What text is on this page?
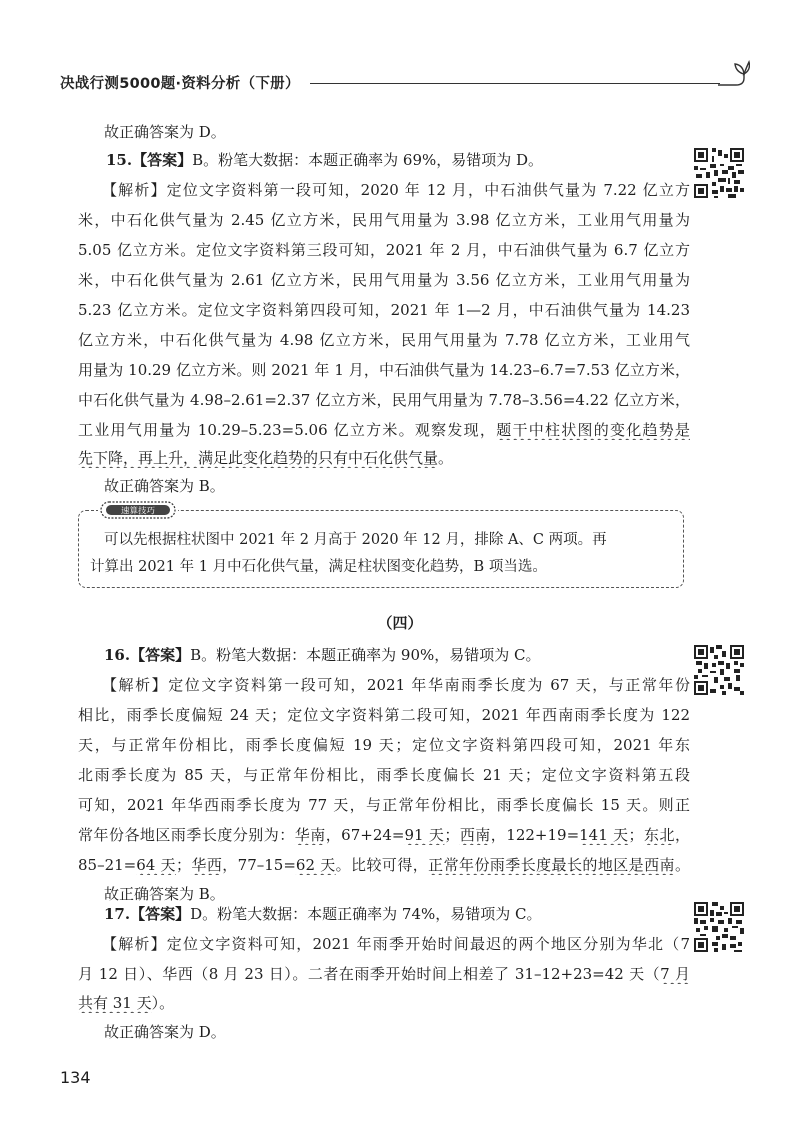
决战行测5000题·资料分析（下册）
故正确答案为 D。
15.【答案】B。粉笔大数据：本题正确率为 69%，易错项为 D。
【解析】定位文字资料第一段可知，2020 年 12 月，中石油供气量为 7.22 亿立方
米，中石化供气量为 2.45 亿立方米，民用气用量为 3.98 亿立方米，工业用气用量为
5.05 亿立方米。定位文字资料第三段可知，2021 年 2 月，中石油供气量为 6.7 亿立方
米，中石化供气量为 2.61 亿立方米，民用气用量为 3.56 亿立方米，工业用气用量为
5.23 亿立方米。定位文字资料第四段可知，2021 年 1—2 月，中石油供气量为 14.23
亿立方米，中石化供气量为 4.98 亿立方米，民用气用量为 7.78 亿立方米，工业用气
用量为 10.29 亿立方米。则 2021 年 1 月，中石油供气量为 14.23–6.7=7.53 亿立方米，
中石化供气量为 4.98–2.61=2.37 亿立方米，民用气用量为 7.78–3.56=4.22 亿立方米，
工业用气用量为 10.29–5.23=5.06 亿立方米。观察发现，题干中柱状图的变化趋势是
先下降，再上升，满足此变化趋势的只有中石化供气量。
故正确答案为 B。
速算技巧
可以先根据柱状图中 2021 年 2 月高于 2020 年 12 月，排除 A、C 两项。再
计算出 2021 年 1 月中石化供气量，满足柱状图变化趋势，B 项当选。
（四）
16.【答案】B。粉笔大数据：本题正确率为 90%，易错项为 C。
【解析】定位文字资料第一段可知，2021 年华南雨季长度为 67 天，与正常年份
相比，雨季长度偏短 24 天；定位文字资料第二段可知，2021 年西南雨季长度为 122
天，与正常年份相比，雨季长度偏短 19 天；定位文字资料第四段可知，2021 年东
北雨季长度为 85 天，与正常年份相比，雨季长度偏长 21 天；定位文字资料第五段
可知，2021 年华西雨季长度为 77 天，与正常年份相比，雨季长度偏长 15 天。则正
常年份各地区雨季长度分别为：华南，67+24=91 天；西南，122+19=141 天；东北，
85–21=64 天；华西，77–15=62 天。比较可得，正常年份雨季长度最长的地区是西南。
故正确答案为 B。
17.【答案】D。粉笔大数据：本题正确率为 74%，易错项为 C。
【解析】定位文字资料可知，2021 年雨季开始时间最迟的两个地区分别为华北（7
月 12 日）、华西（8 月 23 日）。二者在雨季开始时间上相差了 31–12+23=42 天（7 月
共有 31 天）。
故正确答案为 D。
134
